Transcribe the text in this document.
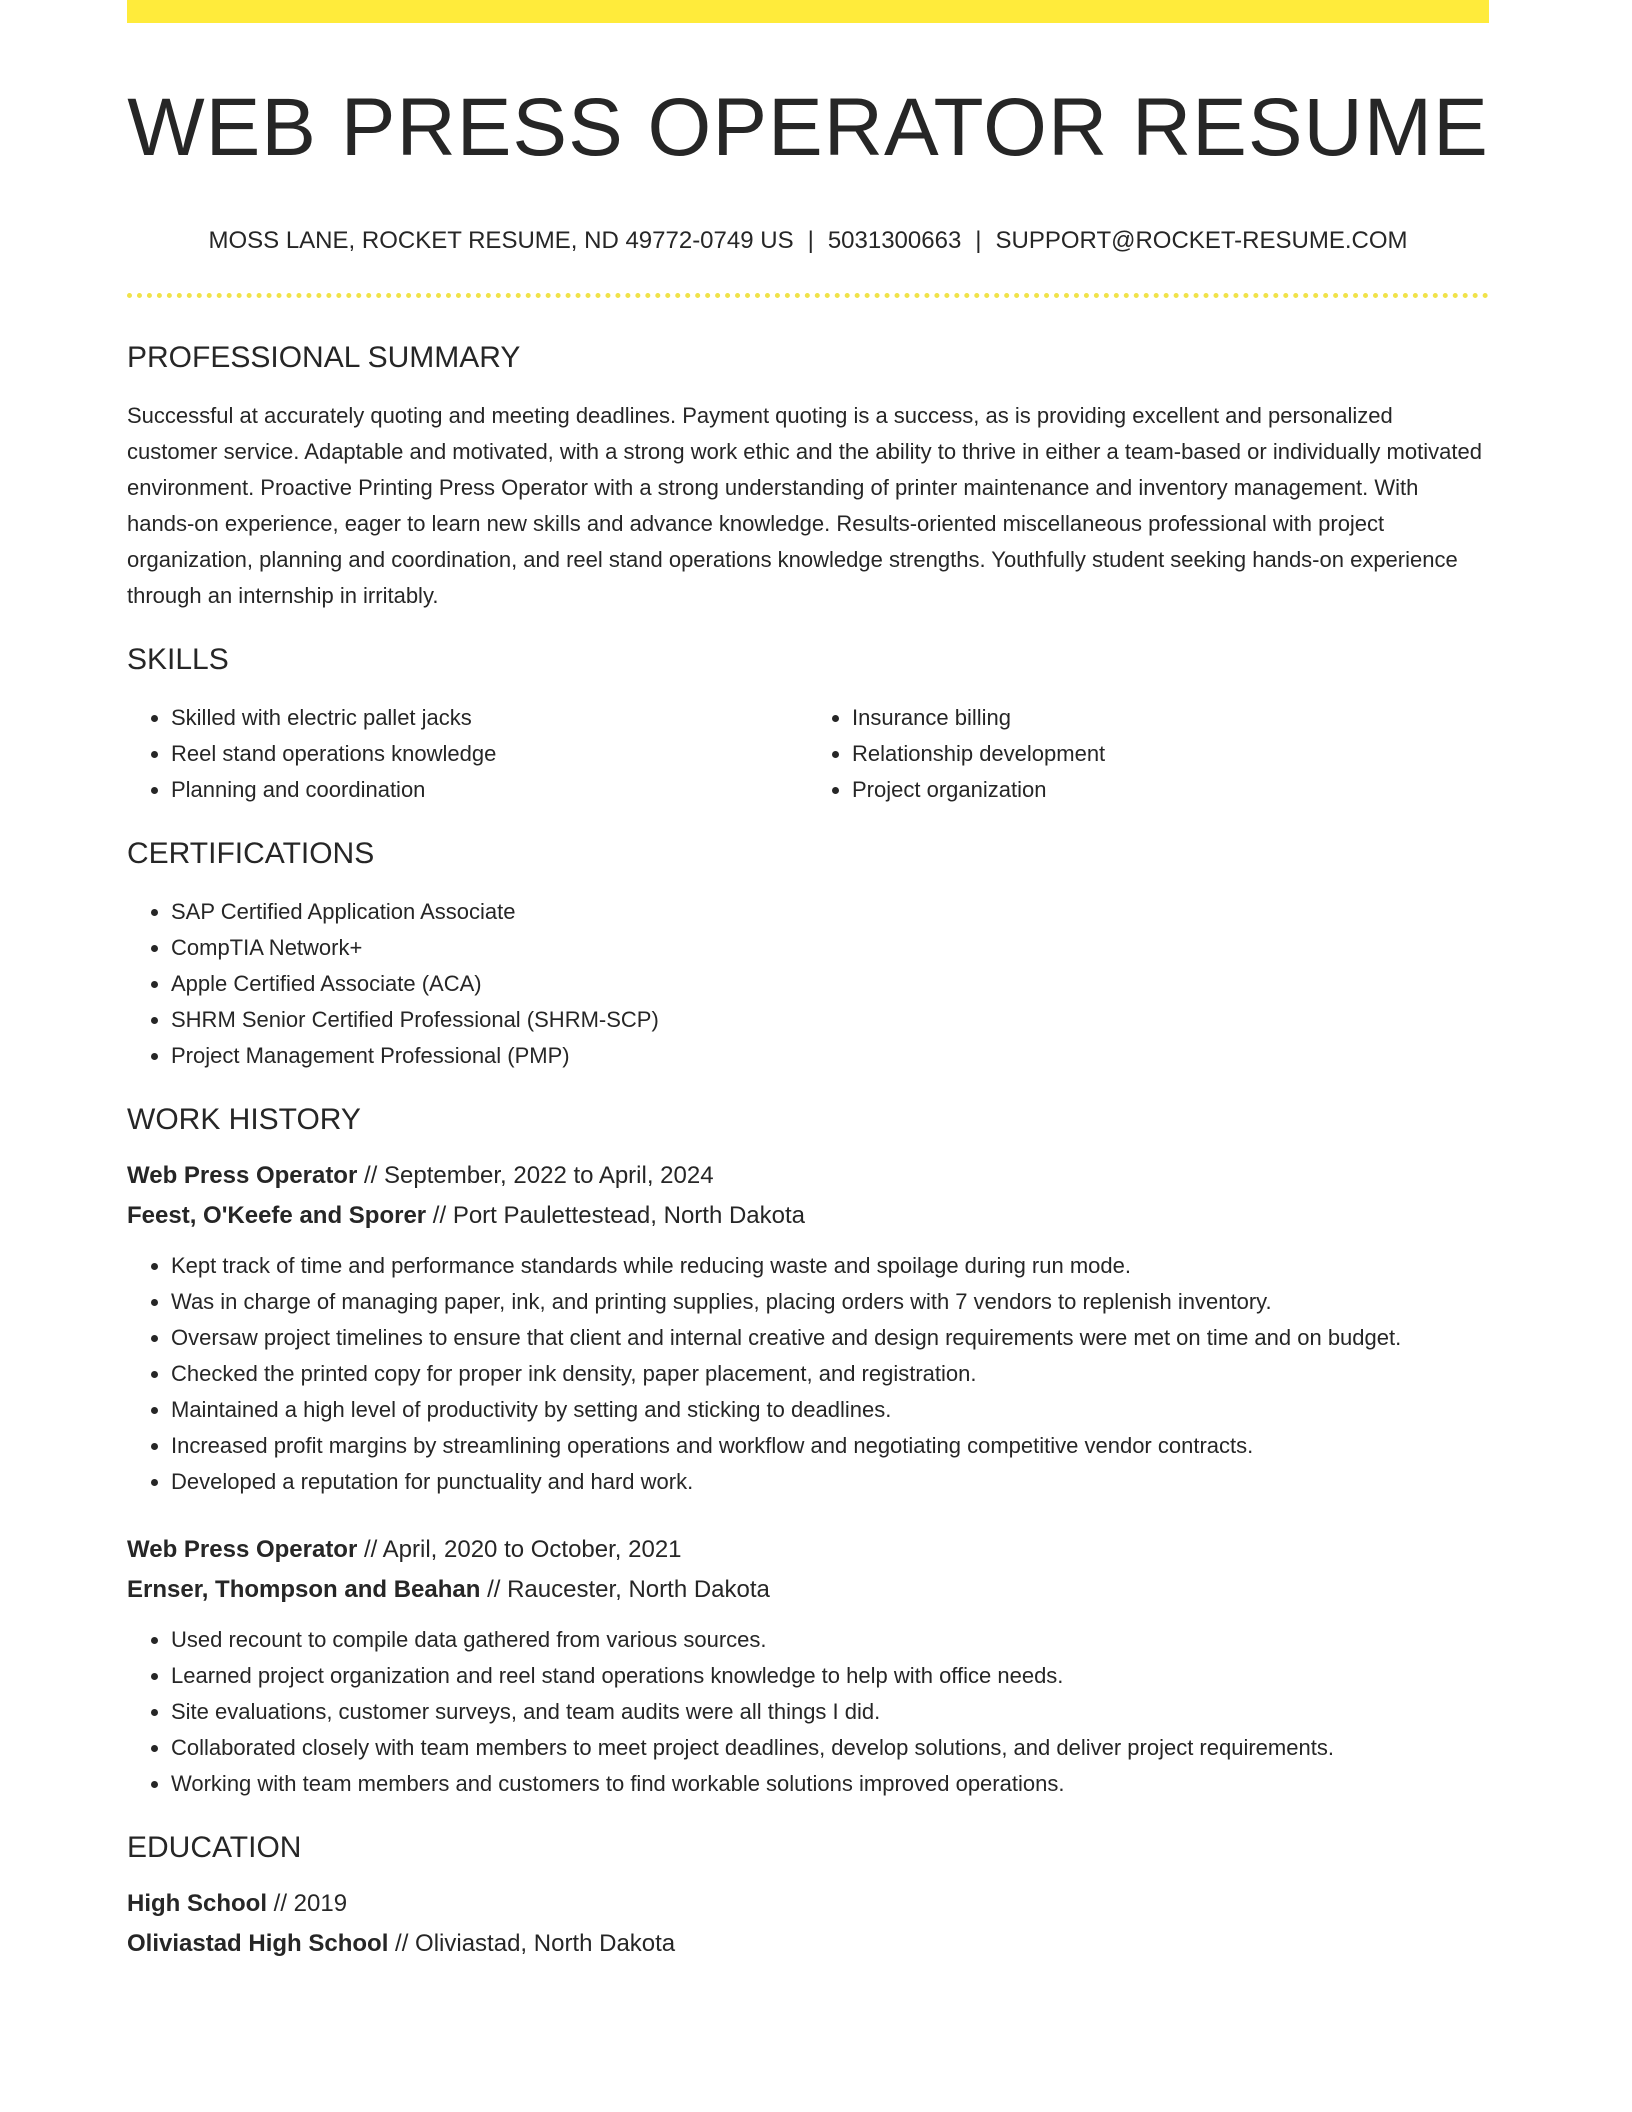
WEB PRESS OPERATOR RESUME
MOSS LANE, ROCKET RESUME, ND 49772-0749 US | 5031300663 | SUPPORT@ROCKET-RESUME.COM
PROFESSIONAL SUMMARY

Successful at accurately quoting and meeting deadlines. Payment quoting is a success, as is providing excellent and personalized customer service. Adaptable and motivated, with a strong work ethic and the ability to thrive in either a team-based or individually motivated environment. Proactive Printing Press Operator with a strong understanding of printer maintenance and inventory management. With hands-on experience, eager to learn new skills and advance knowledge. Results-oriented miscellaneous professional with project organization, planning and coordination, and reel stand operations knowledge strengths. Youthfully student seeking hands-on experience through an internship in irritably.

SKILLS
• Skilled with electric pallet jacks
• Reel stand operations knowledge
• Planning and coordination
• Insurance billing
• Relationship development
• Project organization
CERTIFICATIONS
• SAP Certified Application Associate
• CompTIA Network+
• Apple Certified Associate (ACA)
• SHRM Senior Certified Professional (SHRM-SCP)
• Project Management Professional (PMP)
WORK HISTORY
Web Press Operator // September, 2022 to April, 2024
Feest, O'Keefe and Sporer // Port Paulettestead, North Dakota
• Kept track of time and performance standards while reducing waste and spoilage during run mode.
• Was in charge of managing paper, ink, and printing supplies, placing orders with 7 vendors to replenish inventory.
• Oversaw project timelines to ensure that client and internal creative and design requirements were met on time and on budget.
• Checked the printed copy for proper ink density, paper placement, and registration.
• Maintained a high level of productivity by setting and sticking to deadlines.
• Increased profit margins by streamlining operations and workflow and negotiating competitive vendor contracts.
• Developed a reputation for punctuality and hard work.
Web Press Operator // April, 2020 to October, 2021
Ernser, Thompson and Beahan // Raucester, North Dakota
• Used recount to compile data gathered from various sources.
• Learned project organization and reel stand operations knowledge to help with office needs.
• Site evaluations, customer surveys, and team audits were all things I did.
• Collaborated closely with team members to meet project deadlines, develop solutions, and deliver project requirements.
• Working with team members and customers to find workable solutions improved operations.
EDUCATION
High School // 2019
Oliviastad High School // Oliviastad, North Dakota
